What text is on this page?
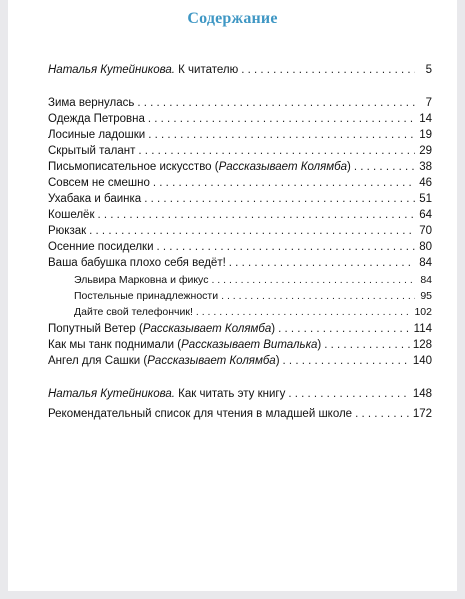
Содержание
Наталья Кутейникова. К читателю . . .	5
Зима вернулась . . .	7
Одежда Петровна . . .	14
Лосиные ладошки . . .	19
Скрытый талант . . .	29
Письмописательное искусство (Рассказывает Колямба) . . .	38
Совсем не смешно . . .	46
Ухабака и баинка . . .	51
Кошелёк . . .	64
Рюкзак . . .	70
Осенние посиделки . . .	80
Ваша бабушка плохо себя ведёт! . . .	84
Эльвира Марковна и фикус . . .	84
Постельные принадлежности . . .	95
Дайте свой телефончик! . . .	102
Попутный Ветер (Рассказывает Колямба) . . .	114
Как мы танк поднимали (Рассказывает Виталька) . . .	128
Ангел для Сашки (Рассказывает Колямба) . . .	140
Наталья Кутейникова. Как читать эту книгу . . .	148
Рекомендательный список для чтения в младшей школе . . .	172
